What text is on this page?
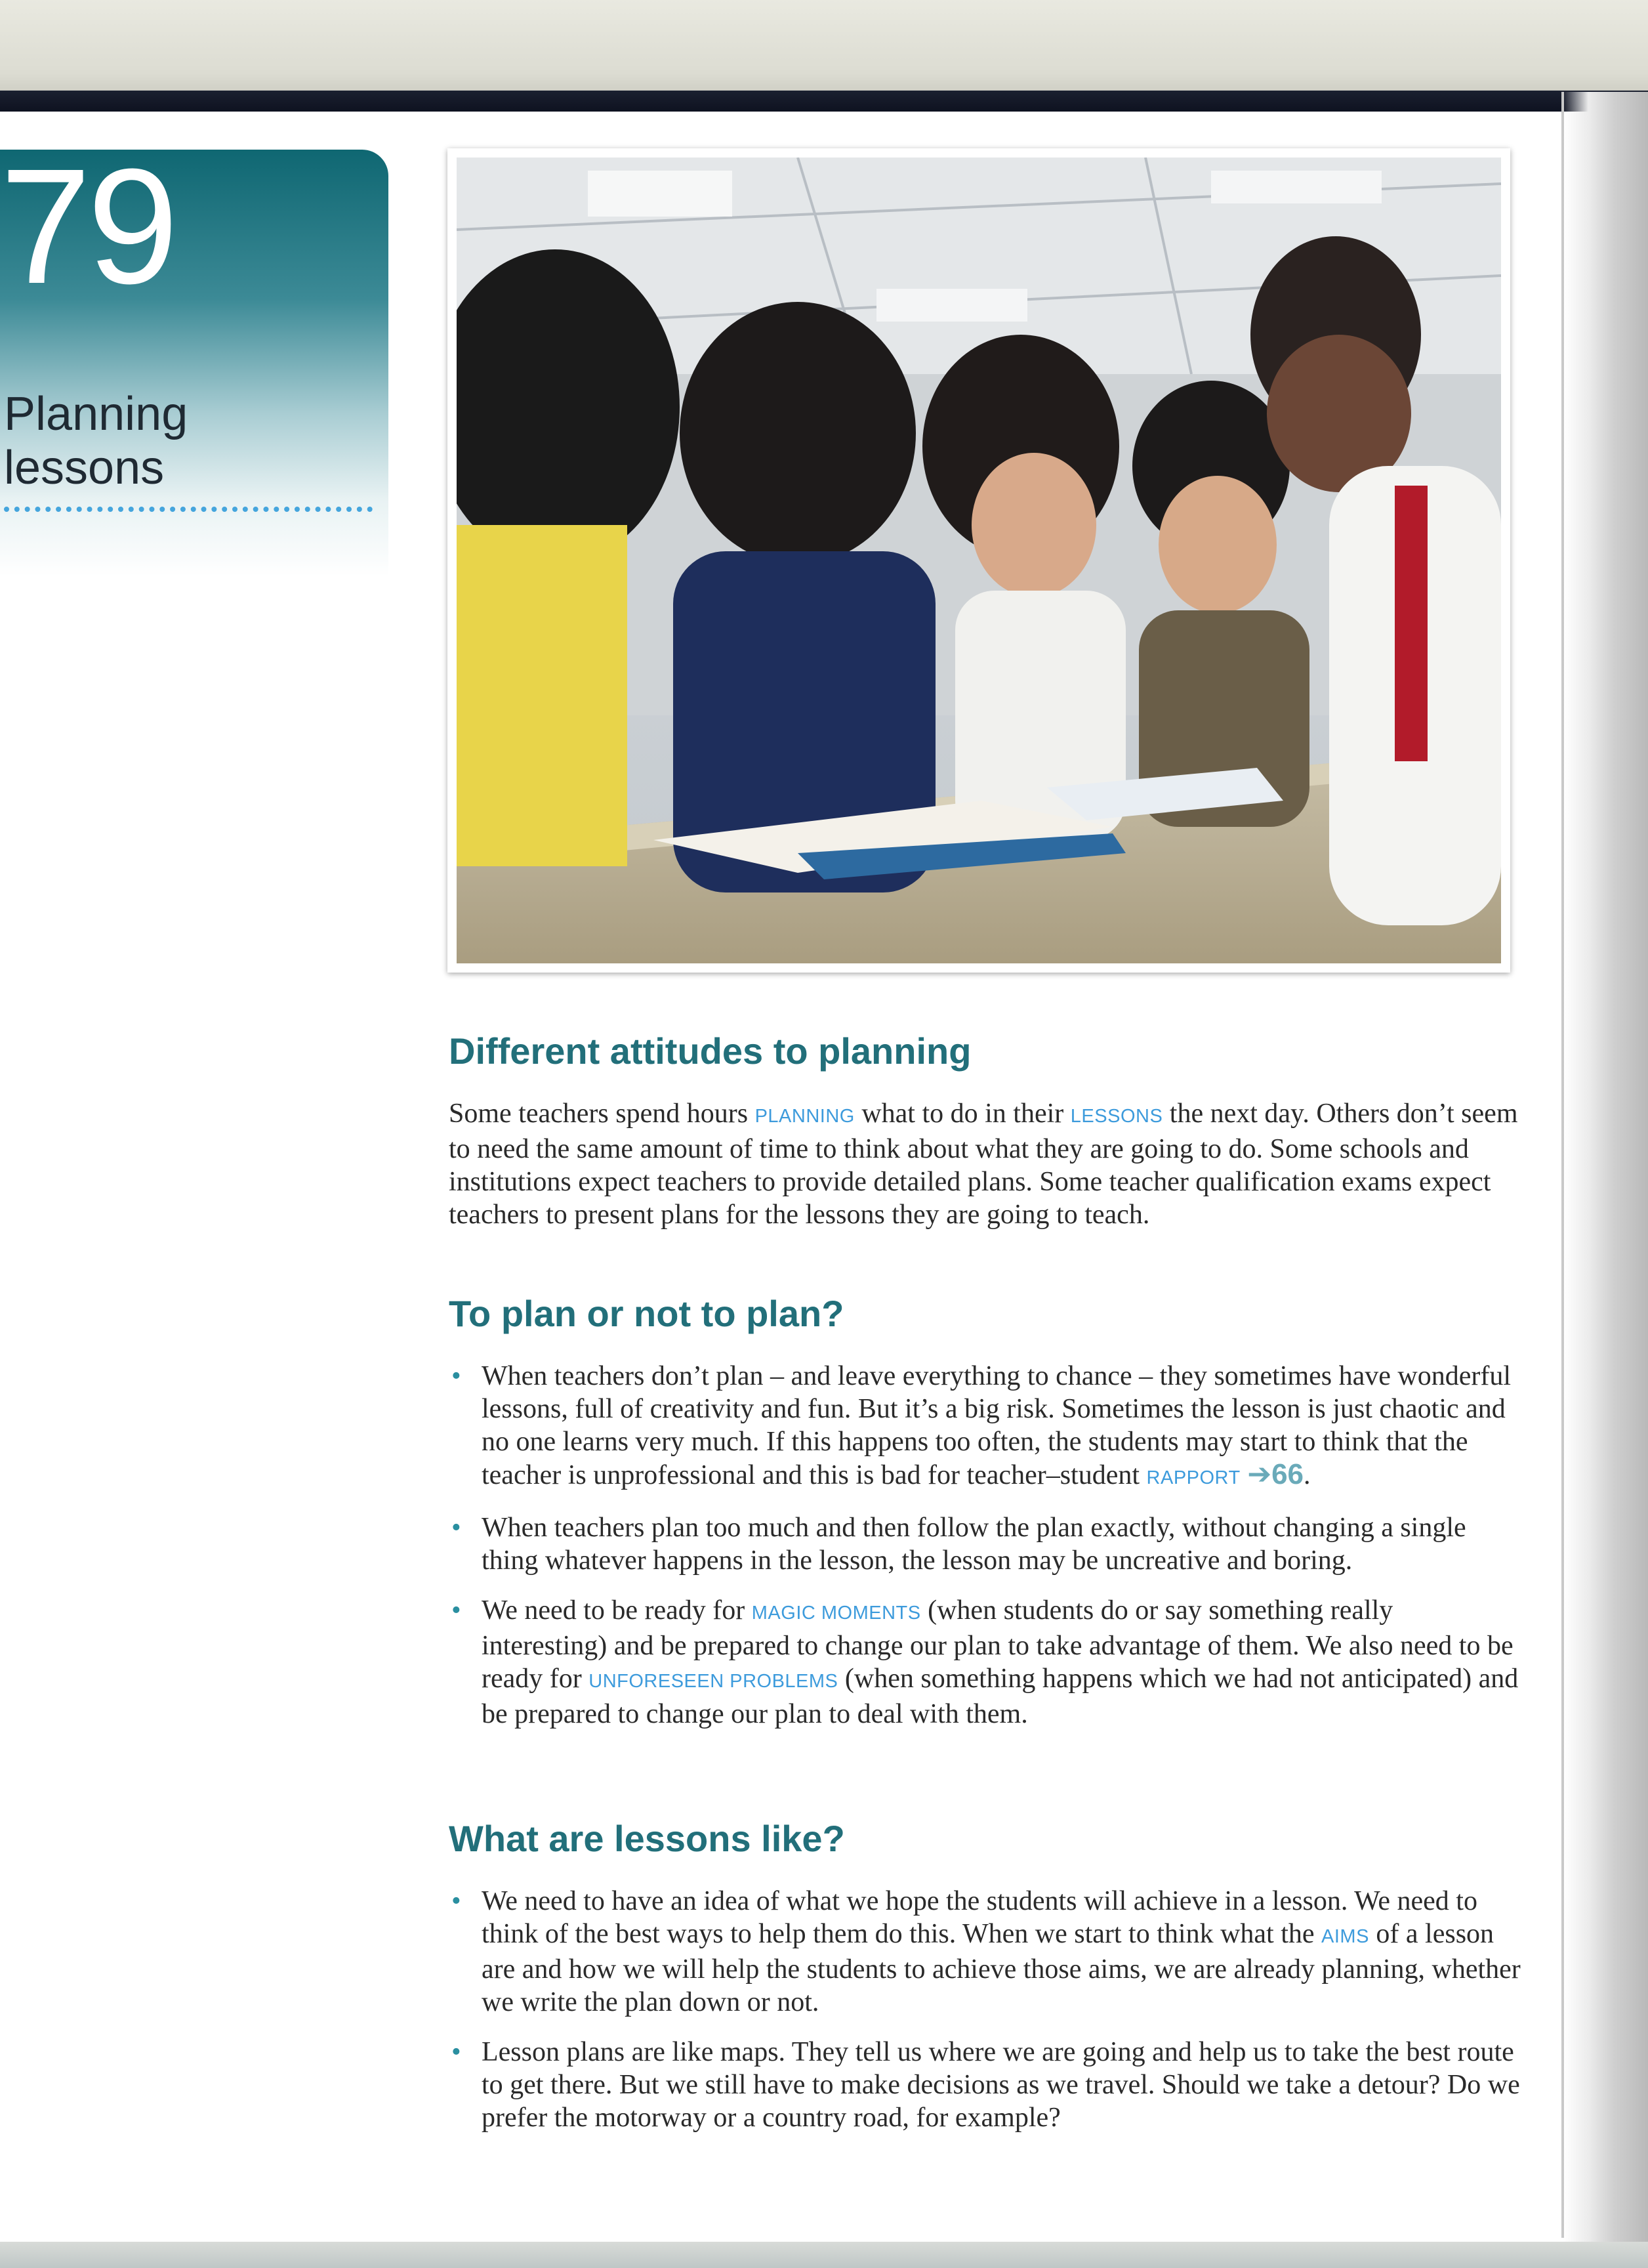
79
Planning
lessons
Different attitudes to planning

Some teachers spend hours PLANNING what to do in their LESSONS the next day. Others don’t seem to need the same amount of time to think about what they are going to do. Some schools and institutions expect teachers to provide detailed plans. Some teacher qualification exams expect teachers to present plans for the lessons they are going to teach.

To plan or not to plan?
• When teachers don’t plan – and leave everything to chance – they sometimes have wonderful lessons, full of creativity and fun. But it’s a big risk. Sometimes the lesson is just chaotic and no one learns very much. If this happens too often, the students may start to think that the teacher is unprofessional and this is bad for teacher–student RAPPORT ➔66.
• When teachers plan too much and then follow the plan exactly, without changing a single thing whatever happens in the lesson, the lesson may be uncreative and boring.
• We need to be ready for MAGIC MOMENTS (when students do or say something really interesting) and be prepared to change our plan to take advantage of them. We also need to be ready for UNFORESEEN PROBLEMS (when something happens which we had not anticipated) and be prepared to change our plan to deal with them.
What are lessons like?
• We need to have an idea of what we hope the students will achieve in a lesson. We need to think of the best ways to help them do this. When we start to think what the AIMS of a lesson are and how we will help the students to achieve those aims, we are already planning, whether we write the plan down or not.
• Lesson plans are like maps. They tell us where we are going and help us to take the best route to get there. But we still have to make decisions as we travel. Should we take a detour? Do we prefer the motorway or a country road, for example?
